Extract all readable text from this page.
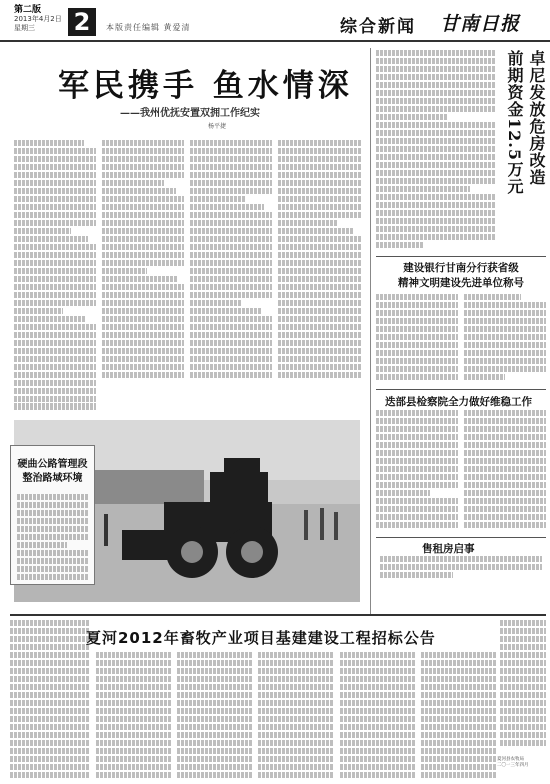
第二版
2013年4月2日
星期三	2	本版责任编辑 黄爱清	综合新闻 甘南日报
军民携手 鱼水情深
——我州优抚安置双拥工作纪实
杨平捷
硬曲公路管理段
整治路域环境
卓尼发放危房改造
前期资金12.5万元
建设银行甘南分行获省级
精神文明建设先进单位称号
迭部县检察院全力做好维稳工作
售租房启事
夏河2012年畜牧产业项目基建建设工程招标公告
夏河县农牧局
二〇一三年四月
